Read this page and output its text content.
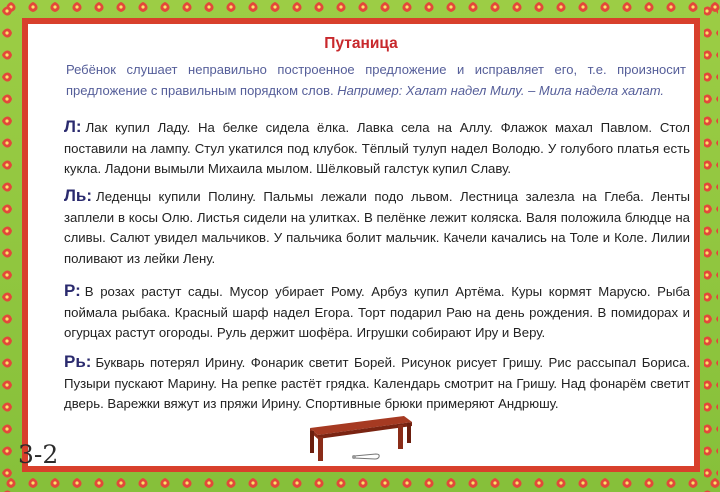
Путаница
Ребёнок слушает неправильно построенное предложение и исправляет его, т.е. произносит предложение с правильным порядком слов. Например: Халат надел Милу. – Мила надела халат.
Л: Лак купил Ладу. На белке сидела ёлка. Лавка села на Аллу. Флажок махал Павлом. Стол поставили на лампу. Стул укатился под клубок. Тёплый тулуп надел Володю. У голубого платья есть кукла. Ладони вымыли Михаила мылом. Шёлковый галстук купил Славу.
Ль: Леденцы купили Полину. Пальмы лежали подо львом. Лестница залезла на Глеба. Ленты заплели в косы Олю. Листья сидели на улитках. В пелёнке лежит коляска. Валя положила блюдце на сливы. Салют увидел мальчиков. У пальчика болит мальчик. Качели качались на Толе и Коле. Лилии поливают из лейки Лену.
Р: В розах растут сады. Мусор убирает Рому. Арбуз купил Артёма. Куры кормят Марусю. Рыба поймала рыбака. Красный шарф надел Егора. Торт подарил Раю на день рождения. В помидорах и огурцах растут огороды. Руль держит шофёра. Игрушки собирают Иру и Веру.
Рь: Букварь потерял Ирину. Фонарик светит Борей. Рисунок рисует Гришу. Рис рассыпал Бориса. Пузыри пускают Марину. На репке растёт грядка. Календарь смотрит на Гришу. Над фонарём светит дверь. Варежки вяжут из пряжи Ирину. Спортивные брюки примеряют Андрюшу.
3-2
